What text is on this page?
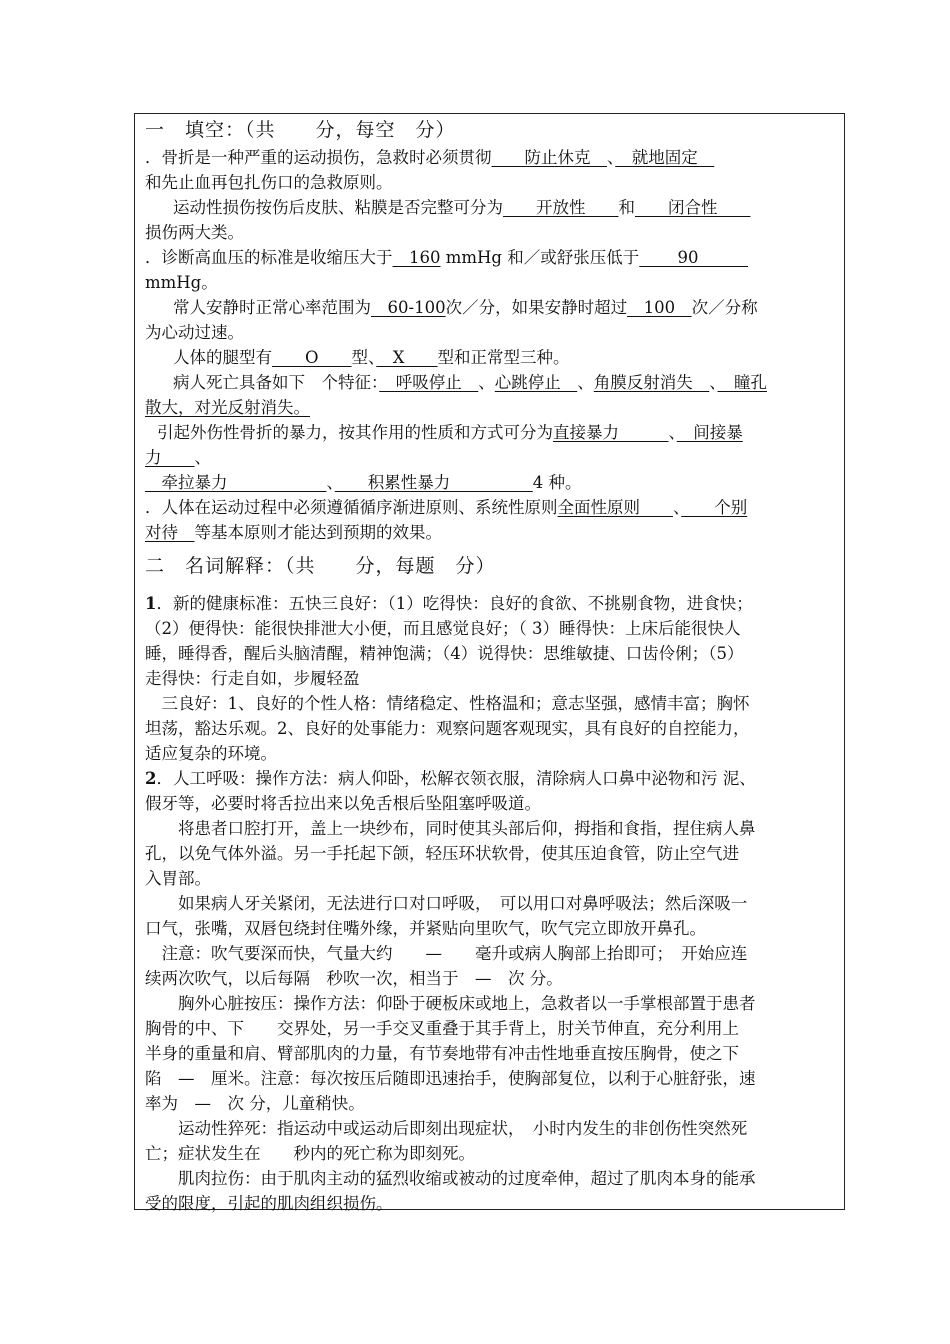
一　填空：（共　　分，每空　分）
．骨折是一种严重的运动损伤，急救时必须贯彻　　防止休克　、　就地固定　
和先止血再包扎伤口的急救原则。
运动性损伤按伤后皮肤、粘膜是否完整可分为　　开放性　　和　　闭合性　　
损伤两大类。
．诊断高血压的标准是收缩压大于　160 mmHg 和／或舒张压低于　　 90　　　
mmHg。
常人安静时正常心率范围为　60-100次／分，如果安静时超过　100　次／分称
为心动过速。
人体的腿型有　　O　　型、　X　　型和正常型三种。
病人死亡具备如下　个特征：　呼吸停止　、心跳停止　、角膜反射消失　、　瞳孔
散大，对光反射消失。
引起外伤性骨折的暴力，按其作用的性质和方式可分为直接暴力　　　、　间接暴
力　　、
　牵拉暴力　　　　　　、　　积累性暴力　　　　　4 种。
．人体在运动过程中必须遵循循序渐进原则、系统性原则全面性原则　　、　　个别
对待　等基本原则才能达到预期的效果。
二　名词解释：（共　　分，每题　分）
1．新的健康标准：五快三良好：（1）吃得快：良好的食欲、不挑剔食物，进食快；
（2）便得快：能很快排泄大小便，而且感觉良好；（ 3）睡得快：上床后能很快人
睡，睡得香，醒后头脑清醒，精神饱满；（4）说得快：思维敏捷、口齿伶俐；（5）
走得快：行走自如，步履轻盈
　三良好：1、良好的个性人格：情绪稳定、性格温和；意志坚强，感情丰富；胸怀
坦荡，豁达乐观。2、良好的处事能力：观察问题客观现实，具有良好的自控能力，
适应复杂的环境。
2．人工呼吸：操作方法：病人仰卧，松解衣领衣服，清除病人口鼻中泌物和污 泥、
假牙等，必要时将舌拉出来以免舌根后坠阻塞呼吸道。
　　将患者口腔打开，盖上一块纱布，同时使其头部后仰，拇指和食指，捏住病人鼻
孔，以免气体外溢。另一手托起下颌，轻压环状软骨，使其压迫食管，防止空气进
入胃部。
　　如果病人牙关紧闭，无法进行口对口呼吸，　可以用口对鼻呼吸法；然后深吸一
口气，张嘴，双唇包绕封住嘴外缘，并紧贴向里吹气，吹气完立即放开鼻孔。
　注意：吹气要深而快，气量大约　　—　　毫升或病人胸部上抬即可；　开始应连
续两次吹气，以后每隔　秒吹一次，相当于　—　次 分。
　　胸外心脏按压：操作方法：仰卧于硬板床或地上，急救者以一手掌根部置于患者
胸骨的中、下　　交界处，另一手交叉重叠于其手背上，肘关节伸直，充分利用上
半身的重量和肩、臂部肌肉的力量，有节奏地带有冲击性地垂直按压胸骨，使之下
陷　—　厘米。注意：每次按压后随即迅速抬手，使胸部复位，以利于心脏舒张，速
率为　—　次 分，儿童稍快。
　　运动性猝死：指运动中或运动后即刻出现症状，　小时内发生的非创伤性突然死
亡；症状发生在　　秒内的死亡称为即刻死。
　　肌肉拉伤：由于肌肉主动的猛烈收缩或被动的过度牵伸，超过了肌肉本身的能承
受的限度，引起的肌肉组织损伤。
